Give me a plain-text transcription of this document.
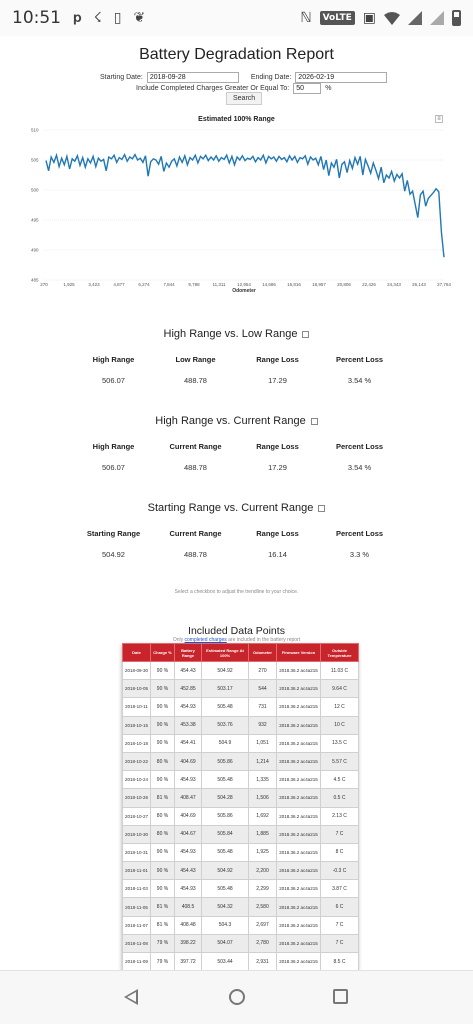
10:51 𝐩 ☇ ▯ ❦	ℕ	VoLTE ▣
Battery Degradation Report
Starting Date:	2018-09-28	Ending Date:	2026-02-19
Include Completed Charges Greater Or Equal To:	50	%
Search
Estimated 100% Range	≡
485
490
495
500
505
510
270	1,925	3,423	4,877	6,274	7,844	9,788	11,311	12,954 14,686 16,816 18,957 20,806 22,426 24,343 26,143 27,764
Odometer
High Range vs. Low Range
High Range	Low Range	Range Loss	Percent Loss
506.07	488.78	17.29	3.54 %
High Range vs. Current Range
High Range	Current Range	Range Loss	Percent Loss
506.07	488.78	17.29	3.54 %
Starting Range vs. Current Range
Starting Range	Current Range	Range Loss	Percent Loss
504.92	488.78	16.14	3.3 %
Select a checkbox to adjust the trendline to your choice.
Included Data Points
Only completed charges are included in the battery report
Date	Charge %	Battery Range	Estimated Range At 100%	Odometer	Firmware Version	Outside Temperature
2018-09-30	90 %	454.43	504.92	270	2018.36.2 ac4a215	11.03 C
2018-10-05	90 %	452.85	503.17	544	2018.36.2 ac4a215	9.64 C
2018-10-11	90 %	454.93	505.48	731	2018.36.2 ac4a215	12 C
2018-10-15	90 %	453.38	503.76	932	2018.36.2 ac4a215	10 C
2018-10-18	90 %	454.41	504.9	1,051	2018.36.2 ac4a215	13.5 C
2018-10-22	80 %	404.69	505.86	1,214	2018.36.2 ac4a215	5.57 C
2018-10-24	90 %	454.93	505.48	1,335	2018.36.2 ac4a215	4.5 C
2018-10-26	81 %	408.47	504.28	1,506	2018.36.2 ac4a215	0.5 C
2018-10-27	80 %	404.69	505.86	1,692	2018.36.2 ac4a215	2.13 C
2018-10-30	80 %	404.67	505.84	1,885	2018.36.2 ac4a215	7 C
2018-10-31	90 %	454.93	505.48	1,925	2018.36.2 ac4a215	8 C
2018-11-01	90 %	454.43	504.92	2,200	2018.36.2 ac4a215	-0.3 C
2018-11-03	90 %	454.93	505.48	2,299	2018.36.2 ac4a215	3.87 C
2018-11-05	81 %	408.5	504.32	2,580	2018.36.2 ac4a215	6 C
2018-11-07	81 %	408.48	504.3	2,697	2018.36.2 ac4a215	7 C
2018-11-08	79 %	398.22	504.07	2,780	2018.36.2 ac4a215	7 C
2018-11-09	79 %	397.72	503.44	2,931	2018.36.2 ac4a215	8.5 C
